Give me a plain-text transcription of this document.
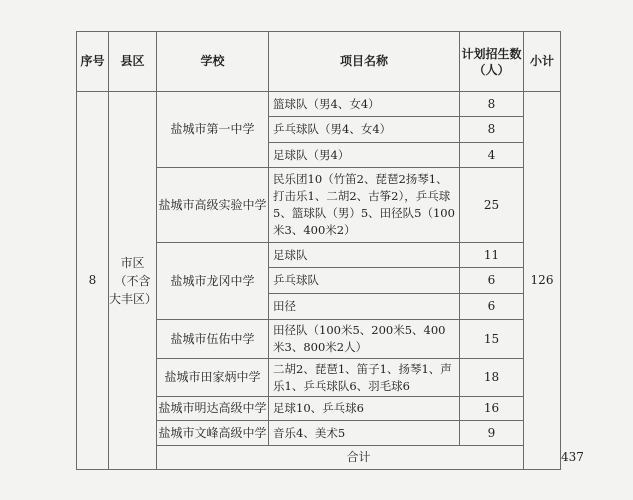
序号	县区	学校	项目名称	计划招生数（人）	小计	
8	市区（不含大丰区）	盐城市第一中学	篮球队（男4、女4）	8	126	
			乒乓球队（男4、女4）	8		
			足球队（男4）	4		
		盐城市高级实验中学	民乐团10（竹笛2、琵琶2扬琴1、打击乐1、二胡2、古筝2），乒乓球5、篮球队（男）5、田径队5（100米3、400米2）	25		
		盐城市龙冈中学	足球队	11		
			乒乓球队	6		
			田径	6		
		盐城市伍佑中学	田径队（100米5、200米5、400米3、800米2人）	15		
		盐城市田家炳中学	二胡2、琵琶1、笛子1、扬琴1、声乐1、乒乓球队6、羽毛球6	18		
		盐城市明达高级中学	足球10、乒乓球6	16		
		盐城市文峰高级中学	音乐4、美术5	9		
		合计				437
